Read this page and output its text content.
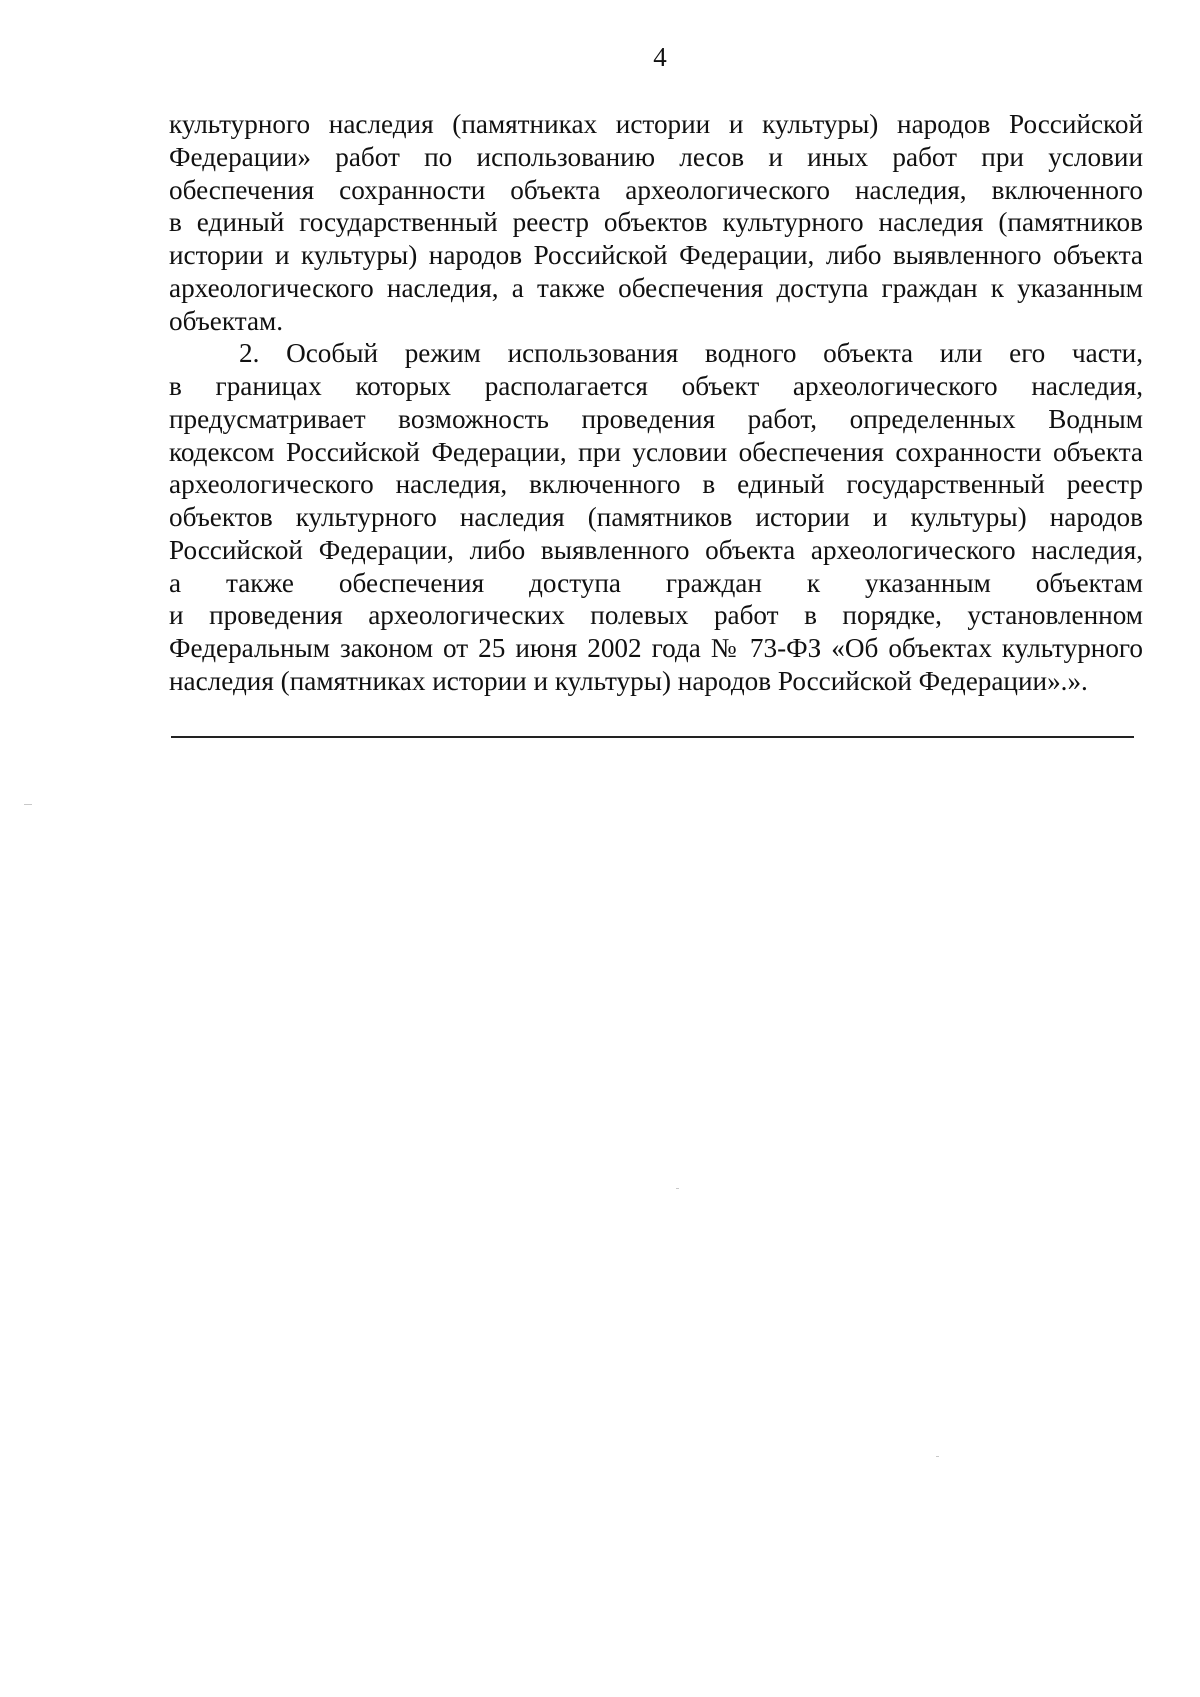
4

культурного наследия (памятниках истории и культуры) народов Российской
Федерации» работ по использованию лесов и иных работ при условии
обеспечения сохранности объекта археологического наследия, включенного
в единый государственный реестр объектов культурного наследия (памятников
истории и культуры) народов Российской Федерации, либо выявленного объекта
археологического наследия, а также обеспечения доступа граждан к указанным
объектам.

2. Особый режим использования водного объекта или его части,
в границах которых располагается объект археологического наследия,
предусматривает возможность проведения работ, определенных Водным
кодексом Российской Федерации, при условии обеспечения сохранности объекта
археологического наследия, включенного в единый государственный реестр
объектов культурного наследия (памятников истории и культуры) народов
Российской Федерации, либо выявленного объекта археологического наследия,
а также обеспечения доступа граждан к указанным объектам
и проведения археологических полевых работ в порядке, установленном
Федеральным законом от 25 июня 2002 года № 73-ФЗ «Об объектах культурного
наследия (памятниках истории и культуры) народов Российской Федерации».».
